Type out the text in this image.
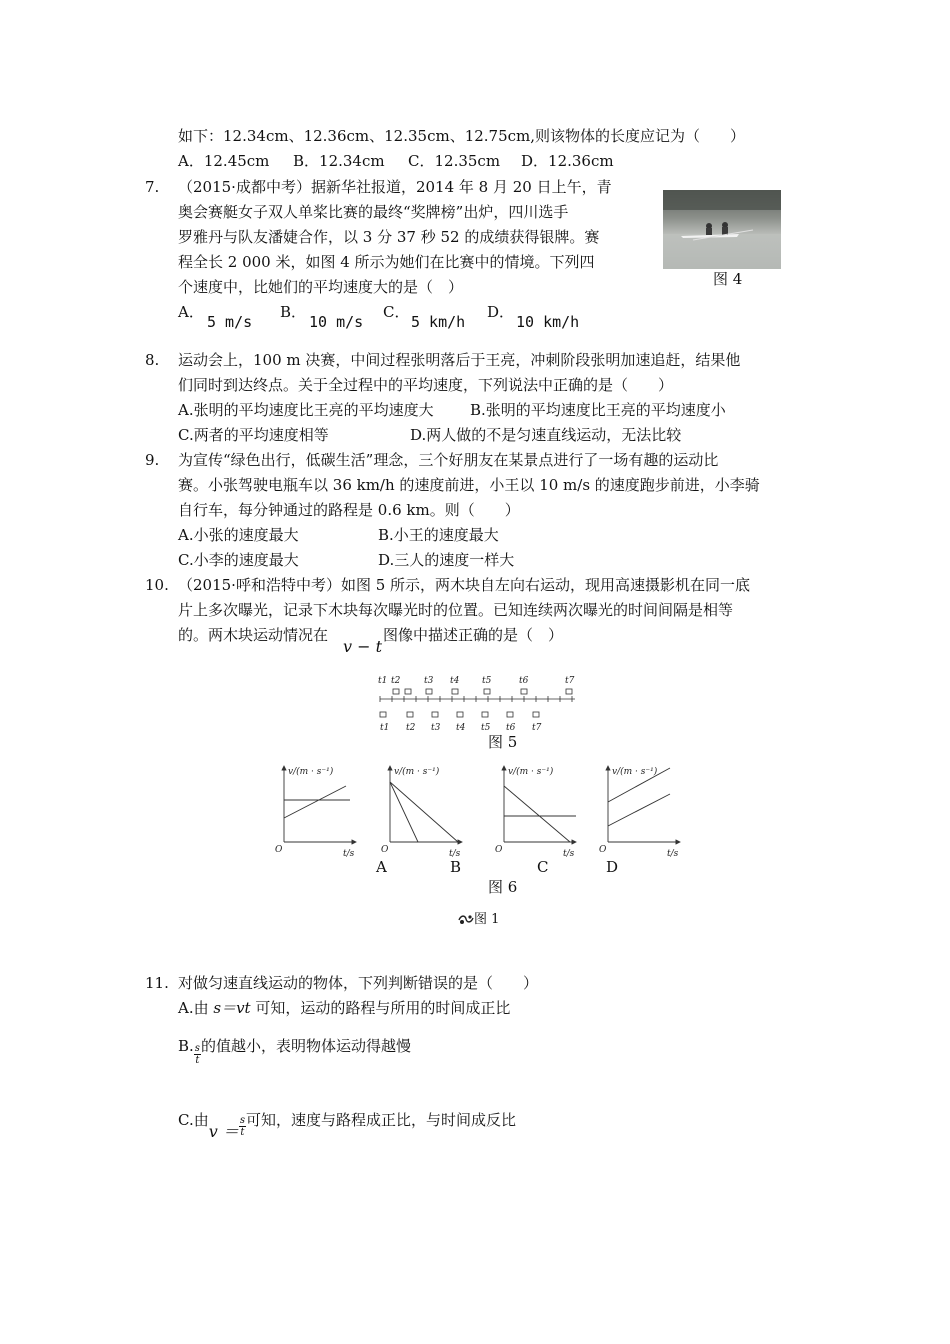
如下：12.34cm、12.36cm、12.35cm、12.75cm,则该物体的长度应记为（　　）
A．12.45cm B．12.34cm C．12.35cm D．12.36cm
7. （2015·成都中考）据新华社报道，2014 年 8 月 20 日上午，青
奥会赛艇女子双人单桨比赛的最终“奖牌榜”出炉，四川选手
罗雅丹与队友潘婕合作，以 3 分 37 秒 52 的成绩获得银牌。赛
程全长 2 000 米，如图 4 所示为她们在比赛中的情境。下列四
个速度中，比她们的平均速度大的是（　）	图 4
A．
5 m/s
B．
10 m/s
C．
5 km/h
D．
10 km/h
8. 运动会上，100 m 决赛，中间过程张明落后于王亮，冲刺阶段张明加速追赶，结果他
们同时到达终点。关于全过程中的平均速度，下列说法中正确的是（　　）
A.张明的平均速度比王亮的平均速度大 B.张明的平均速度比王亮的平均速度小
C.两者的平均速度相等	D.两人做的不是匀速直线运动，无法比较
9. 为宣传“绿色出行，低碳生活”理念，三个好朋友在某景点进行了一场有趣的运动比
赛。小张驾驶电瓶车以 36 km/h 的速度前进，小王以 10 m/s 的速度跑步前进，小李骑
自行车，每分钟通过的路程是 0.6 km。则（　　）
A.小张的速度最大	B.小王的速度最大
C.小李的速度最大	D.三人的速度一样大
10. （2015·呼和浩特中考）如图 5 所示，两木块自左向右运动，现用高速摄影机在同一底
片上多次曝光，记录下木块每次曝光时的位置。已知连续两次曝光的时间间隔是相等
的。两木块运动情况在
v − t
图像中描述正确的是（　）
t1 t2	t3 t4	t5	t6	t7
t1 t2 t3 t4 t5 t6 t7
图 5
v/(m · s⁻¹)
t/s
O
v/(m · s⁻¹)
t/s
O
v/(m · s⁻¹)
t/s
O
v/(m · s⁻¹)
t/s
O
A	B	C	D
图 6
图 1
11. 对做匀速直线运动的物体，下列判断错误的是（　　）
A.由 s＝vt 可知，运动的路程与所用的时间成正比
B. $\frac{s}{t}$ 的值越小，表明物体运动得越慢
C.由$v = \frac{s}{t}$ 可知，速度与路程成正比，与时间成反比
